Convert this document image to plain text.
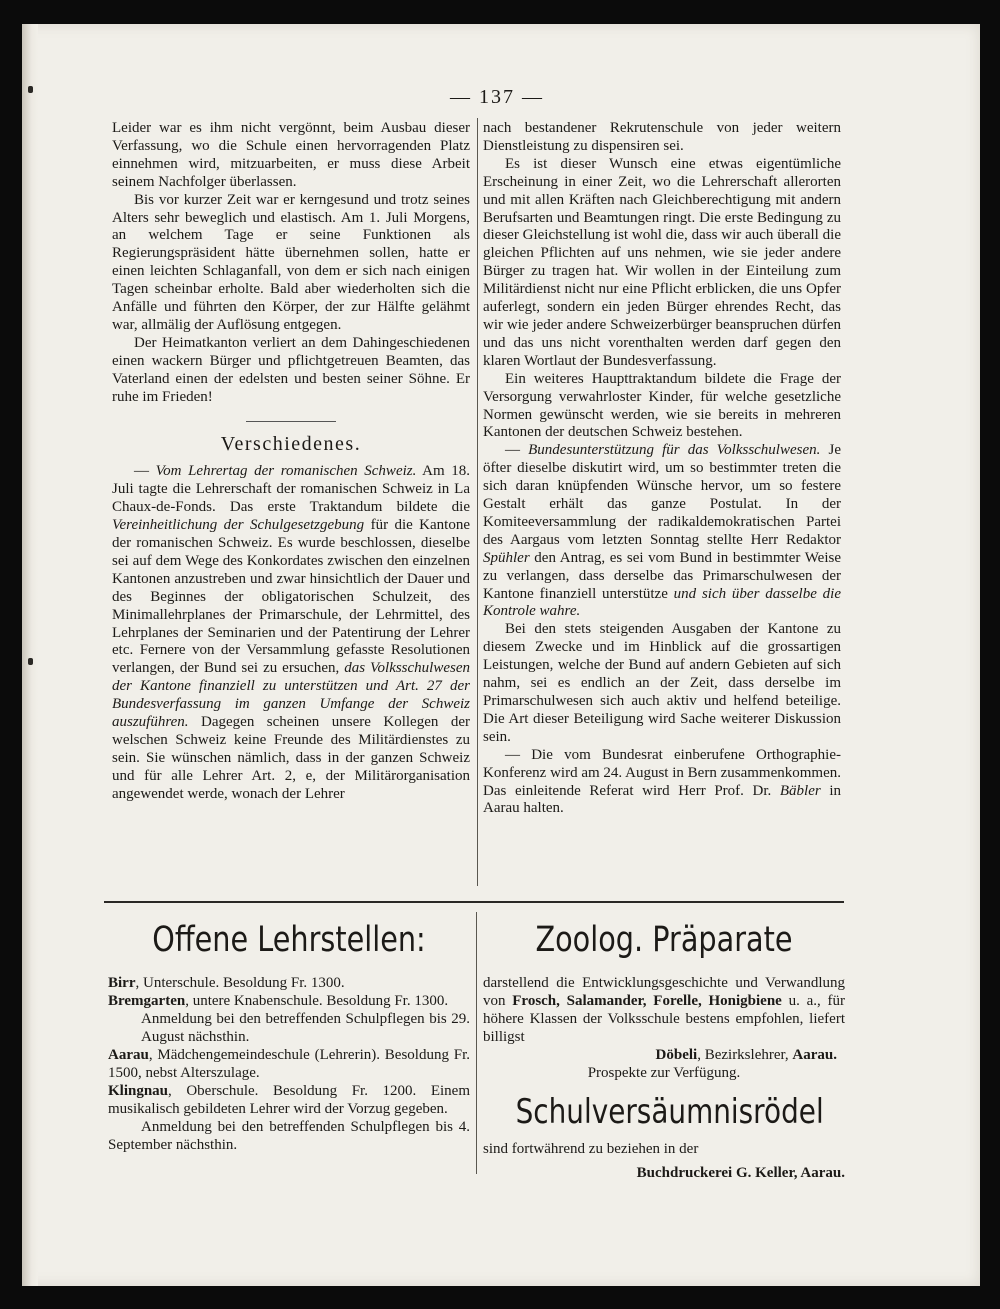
— 137 —

Leider war es ihm nicht vergönnt, beim Ausbau dieser Verfassung, wo die Schule einen hervorragenden Platz einnehmen wird, mitzuarbeiten, er muss diese Arbeit seinem Nachfolger überlassen.

Bis vor kurzer Zeit war er kerngesund und trotz seines Alters sehr beweglich und elastisch. Am 1. Juli Morgens, an welchem Tage er seine Funktionen als Regierungspräsident hätte übernehmen sollen, hatte er einen leichten Schlaganfall, von dem er sich nach einigen Tagen scheinbar erholte. Bald aber wiederholten sich die Anfälle und führten den Körper, der zur Hälfte gelähmt war, allmälig der Auflösung entgegen.

Der Heimatkanton verliert an dem Dahingeschiedenen einen wackern Bürger und pflichtgetreuen Beamten, das Vaterland einen der edelsten und besten seiner Söhne. Er ruhe im Frieden!

Verschiedenes.

— Vom Lehrertag der romanischen Schweiz. Am 18. Juli tagte die Lehrerschaft der romanischen Schweiz in La Chaux-de-Fonds. Das erste Traktandum bildete die Vereinheitlichung der Schulgesetzgebung für die Kantone der romanischen Schweiz. Es wurde beschlossen, dieselbe sei auf dem Wege des Konkordates zwischen den einzelnen Kantonen anzustreben und zwar hinsichtlich der Dauer und des Beginnes der obligatorischen Schulzeit, des Minimallehrplanes der Primarschule, der Lehrmittel, des Lehrplanes der Seminarien und der Patentirung der Lehrer etc. Fernere von der Versammlung gefasste Resolutionen verlangen, der Bund sei zu ersuchen, das Volksschulwesen der Kantone finanziell zu unterstützen und Art. 27 der Bundesverfassung im ganzen Umfange der Schweiz auszuführen. Dagegen scheinen unsere Kollegen der welschen Schweiz keine Freunde des Militärdienstes zu sein. Sie wünschen nämlich, dass in der ganzen Schweiz und für alle Lehrer Art. 2, e, der Militärorganisation angewendet werde, wonach der Lehrer

nach bestandener Rekrutenschule von jeder weitern Dienstleistung zu dispensiren sei.

Es ist dieser Wunsch eine etwas eigentümliche Erscheinung in einer Zeit, wo die Lehrerschaft allerorten und mit allen Kräften nach Gleichberechtigung mit andern Berufsarten und Beamtungen ringt. Die erste Bedingung zu dieser Gleichstellung ist wohl die, dass wir auch überall die gleichen Pflichten auf uns nehmen, wie sie jeder andere Bürger zu tragen hat. Wir wollen in der Einteilung zum Militärdienst nicht nur eine Pflicht erblicken, die uns Opfer auferlegt, sondern ein jeden Bürger ehrendes Recht, das wir wie jeder andere Schweizerbürger beanspruchen dürfen und das uns nicht vorenthalten werden darf gegen den klaren Wortlaut der Bundesverfassung.

Ein weiteres Haupttraktandum bildete die Frage der Versorgung verwahrloster Kinder, für welche gesetzliche Normen gewünscht werden, wie sie bereits in mehreren Kantonen der deutschen Schweiz bestehen.

— Bundesunterstützung für das Volksschulwesen. Je öfter dieselbe diskutirt wird, um so bestimmter treten die sich daran knüpfenden Wünsche hervor, um so festere Gestalt erhält das ganze Postulat. In der Komiteeversammlung der radikaldemokratischen Partei des Aargaus vom letzten Sonntag stellte Herr Redaktor Spühler den Antrag, es sei vom Bund in bestimmter Weise zu verlangen, dass derselbe das Primarschulwesen der Kantone finanziell unterstütze und sich über dasselbe die Kontrole wahre.

Bei den stets steigenden Ausgaben der Kantone zu diesem Zwecke und im Hinblick auf die grossartigen Leistungen, welche der Bund auf andern Gebieten auf sich nahm, sei es endlich an der Zeit, dass derselbe im Primarschulwesen sich auch aktiv und helfend beteilige. Die Art dieser Beteiligung wird Sache weiterer Diskussion sein.

— Die vom Bundesrat einberufene Orthographie-Konferenz wird am 24. August in Bern zusammenkommen. Das einleitende Referat wird Herr Prof. Dr. Bäbler in Aarau halten.

Offene Lehrstellen:

Birr, Unterschule. Besoldung Fr. 1300.

Bremgarten, untere Knabenschule. Besoldung Fr. 1300.

Anmeldung bei den betreffenden Schulpflegen bis 29. August nächsthin.

Aarau, Mädchengemeindeschule (Lehrerin). Besoldung Fr. 1500, nebst Alterszulage.

Klingnau, Oberschule. Besoldung Fr. 1200. Einem musikalisch gebildeten Lehrer wird der Vorzug gegeben.

Anmeldung bei den betreffenden Schulpflegen bis 4. September nächsthin.

Zoolog. Präparate

darstellend die Entwicklungsgeschichte und Verwandlung von Frosch, Salamander, Forelle, Honigbiene u. a., für höhere Klassen der Volksschule bestens empfohlen, liefert billigst

Döbeli, Bezirkslehrer, Aarau.

Prospekte zur Verfügung.

Schulversäumnisrödel

sind fortwährend zu beziehen in der

Buchdruckerei G. Keller, Aarau.
